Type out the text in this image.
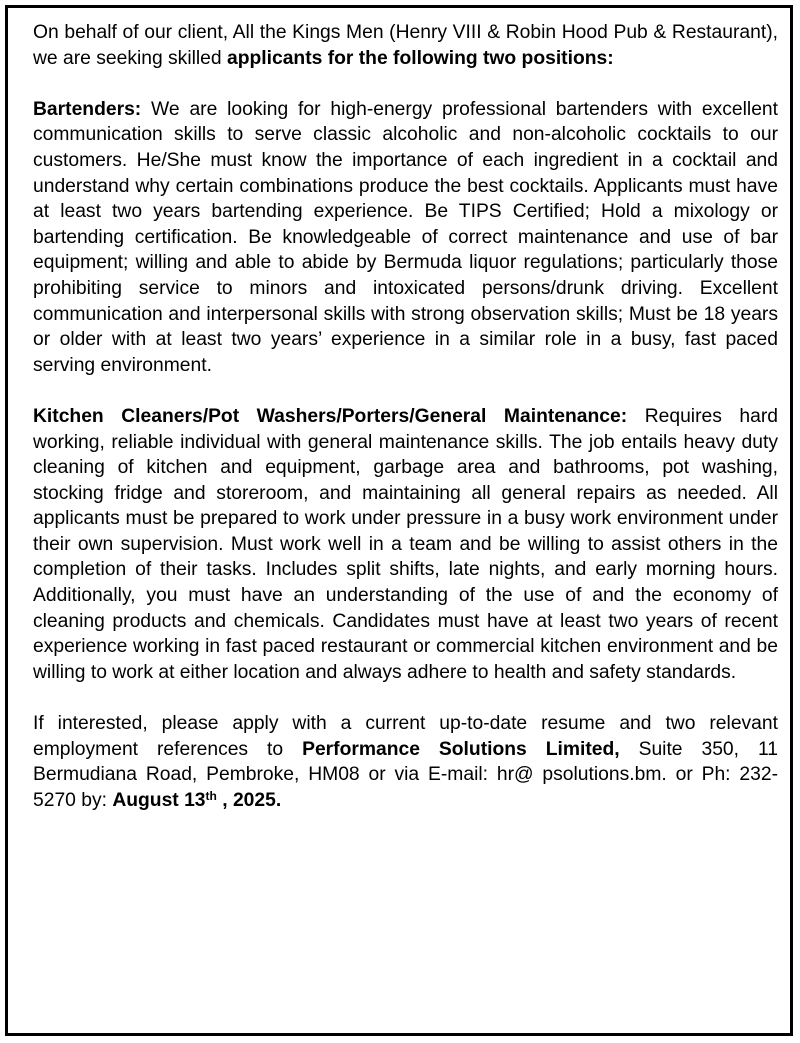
On behalf of our client, All the Kings Men (Henry VIII & Robin Hood Pub & Restaurant), we are seeking skilled applicants for the following two positions:

Bartenders: We are looking for high-energy professional bartenders with excellent communication skills to serve classic alcoholic and non-alcoholic cocktails to our customers. He/She must know the importance of each ingredient in a cocktail and understand why certain combinations produce the best cocktails. Applicants must have at least two years bartending experience. Be TIPS Certified; Hold a mixology or bartending certification. Be knowledgeable of correct maintenance and use of bar equipment; willing and able to abide by Bermuda liquor regulations; particularly those prohibiting service to minors and intoxicated persons/drunk driving. Excellent communication and interpersonal skills with strong observation skills; Must be 18 years or older with at least two years’ experience in a similar role in a busy, fast paced serving environment.

Kitchen Cleaners/Pot Washers/Porters/General Maintenance: Requires hard working, reliable individual with general maintenance skills. The job entails heavy duty cleaning of kitchen and equipment, garbage area and bathrooms, pot washing, stocking fridge and storeroom, and maintaining all general repairs as needed. All applicants must be prepared to work under pressure in a busy work environment under their own supervision. Must work well in a team and be willing to assist others in the completion of their tasks. Includes split shifts, late nights, and early morning hours. Additionally, you must have an understanding of the use of and the economy of cleaning products and chemicals. Candidates must have at least two years of recent experience working in fast paced restaurant or commercial kitchen environment and be willing to work at either location and always adhere to health and safety standards.

If interested, please apply with a current up-to-date resume and two relevant employment references to Performance Solutions Limited, Suite 350, 11 Bermudiana Road, Pembroke, HM08 or via E-mail: hr@ psolutions.bm. or Ph: 232-5270 by: August 13th , 2025.
